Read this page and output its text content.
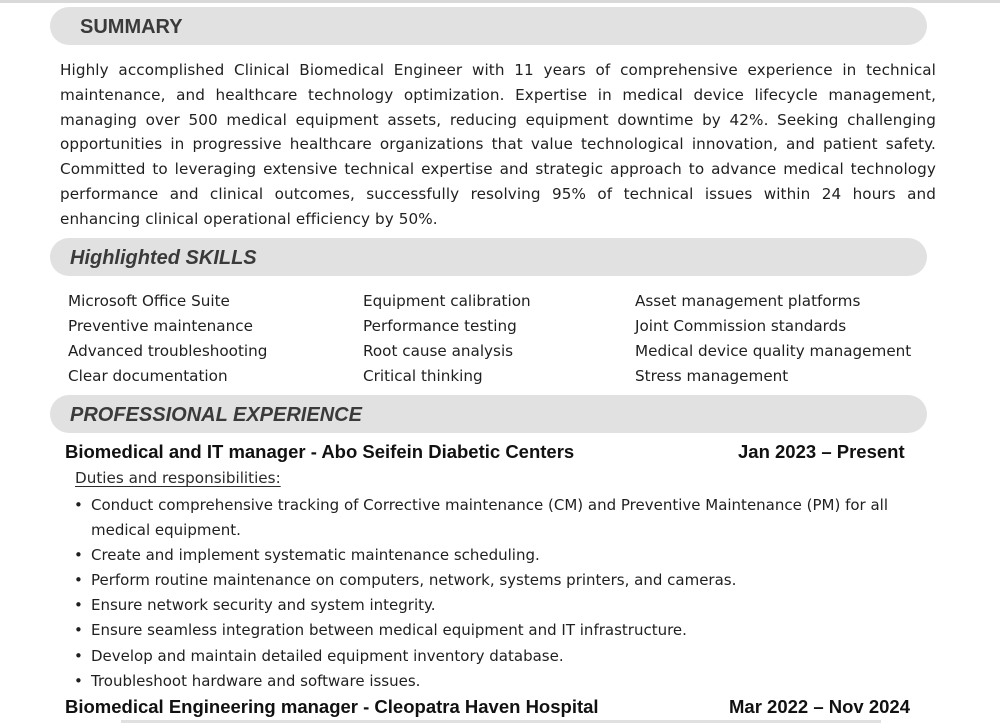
SUMMARY
Highly accomplished Clinical Biomedical Engineer with 11 years of comprehensive experience in technical maintenance, and healthcare technology optimization. Expertise in medical device lifecycle management, managing over 500 medical equipment assets, reducing equipment downtime by 42%. Seeking challenging opportunities in progressive healthcare organizations that value technological innovation, and patient safety. Committed to leveraging extensive technical expertise and strategic approach to advance medical technology performance and clinical outcomes, successfully resolving 95% of technical issues within 24 hours and enhancing clinical operational efficiency by 50%.
Highlighted SKILLS
Microsoft Office Suite
Preventive maintenance
Advanced troubleshooting
Clear documentation
Equipment calibration
Performance testing
Root cause analysis
Critical thinking
Asset management platforms
Joint Commission standards
Medical device quality management
Stress management
PROFESSIONAL EXPERIENCE
Biomedical and IT manager - Abo Seifein Diabetic Centers	Jan 2023 – Present
Duties and responsibilities:
• Conduct comprehensive tracking of Corrective maintenance (CM) and Preventive Maintenance (PM) for all medical equipment.
• Create and implement systematic maintenance scheduling.
• Perform routine maintenance on computers, network, systems printers, and cameras.
• Ensure network security and system integrity.
• Ensure seamless integration between medical equipment and IT infrastructure.
• Develop and maintain detailed equipment inventory database.
• Troubleshoot hardware and software issues.
Biomedical Engineering manager - Cleopatra Haven Hospital	Mar 2022 – Nov 2024
